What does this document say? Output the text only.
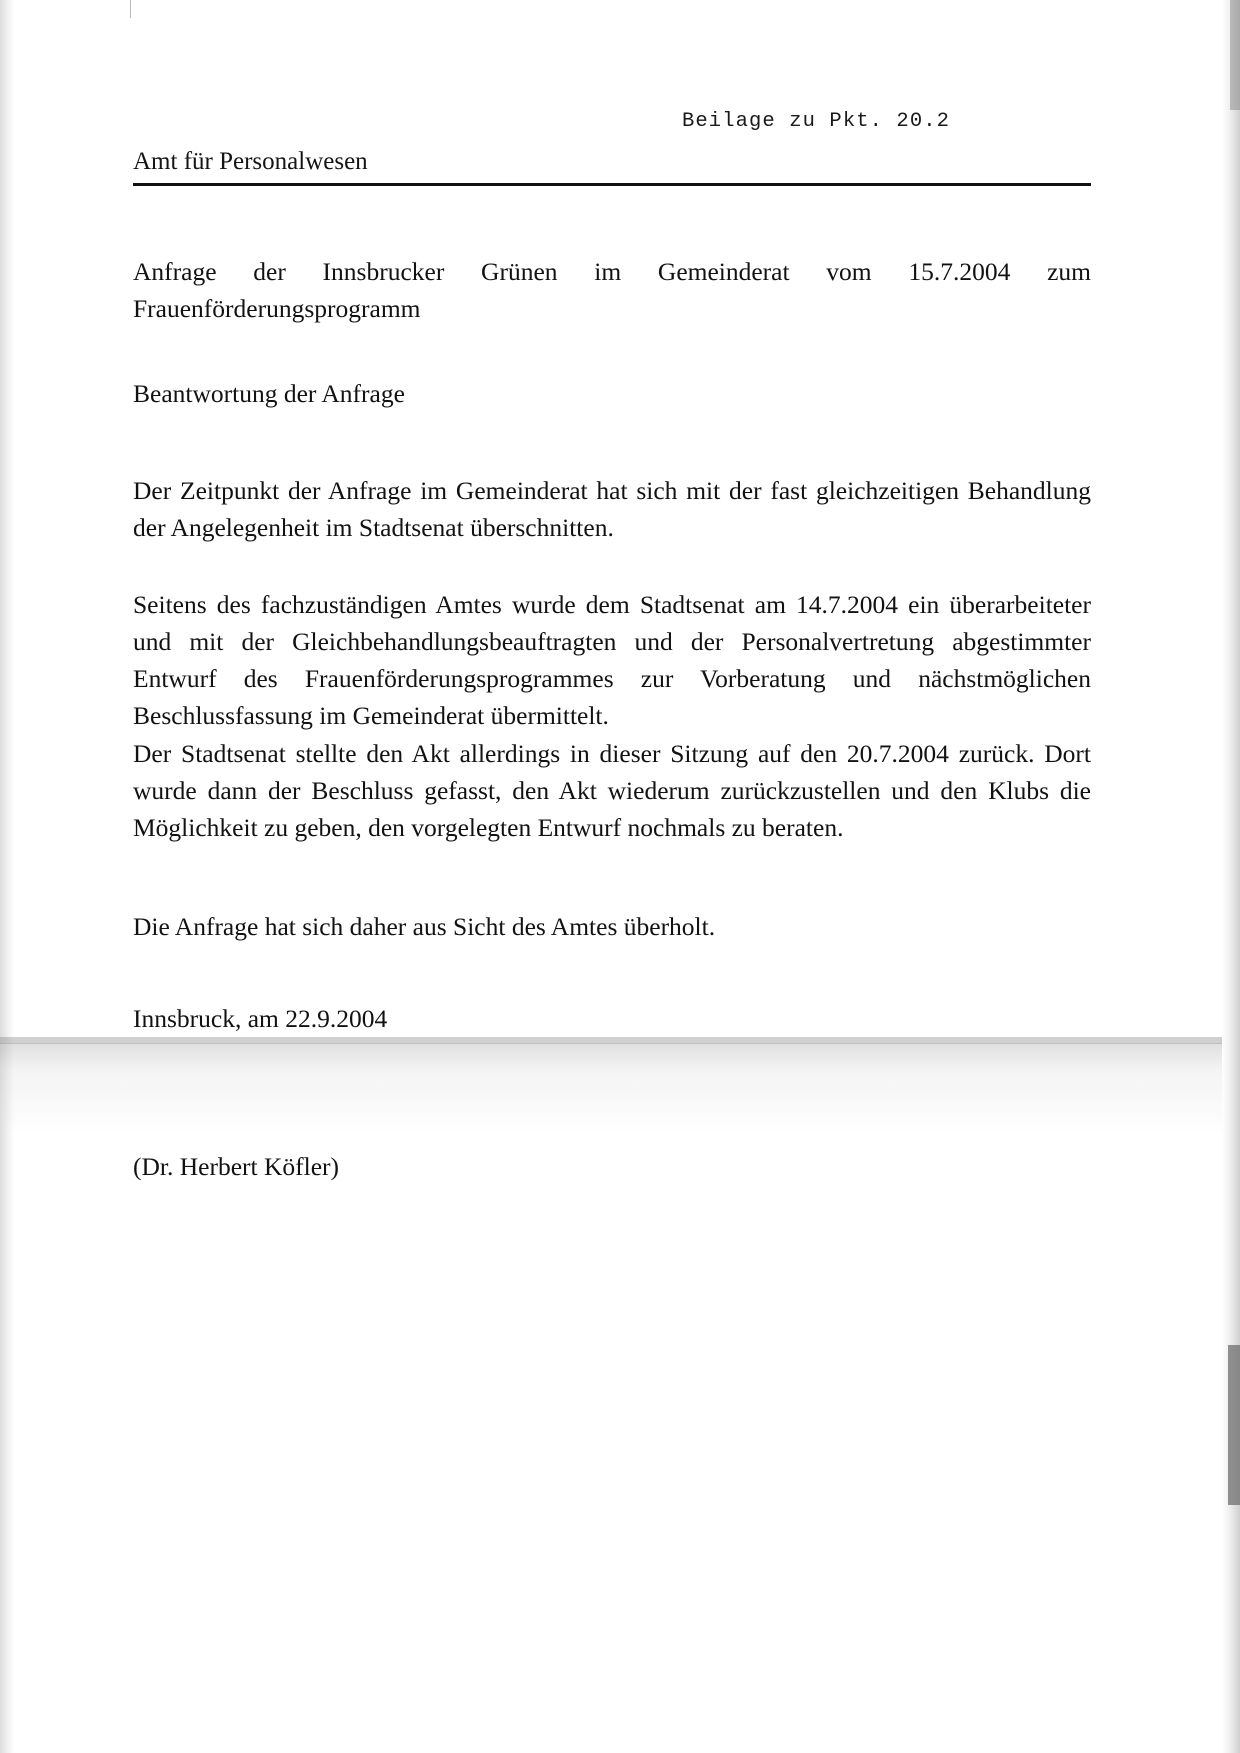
Beilage zu Pkt. 20.2
Amt für Personalwesen
Anfrage der Innsbrucker Grünen im Gemeinderat vom 15.7.2004 zum Frauenförderungsprogramm
Beantwortung der Anfrage
Der Zeitpunkt der Anfrage im Gemeinderat hat sich mit der fast gleichzeitigen Behandlung der Angelegenheit im Stadtsenat überschnitten.
Seitens des fachzuständigen Amtes wurde dem Stadtsenat am 14.7.2004 ein überarbeiteter und mit der Gleichbehandlungsbeauftragten und der Personalvertretung abgestimmter Entwurf des Frauenförderungsprogrammes zur Vorberatung und nächstmöglichen Beschlussfassung im Gemeinderat übermittelt.
Der Stadtsenat stellte den Akt allerdings in dieser Sitzung auf den 20.7.2004 zurück. Dort wurde dann der Beschluss gefasst, den Akt wiederum zurückzustellen und den Klubs die Möglichkeit zu geben, den vorgelegten Entwurf nochmals zu beraten.
Die Anfrage hat sich daher aus Sicht des Amtes überholt.
Innsbruck, am 22.9.2004
(Dr. Herbert Köfler)
